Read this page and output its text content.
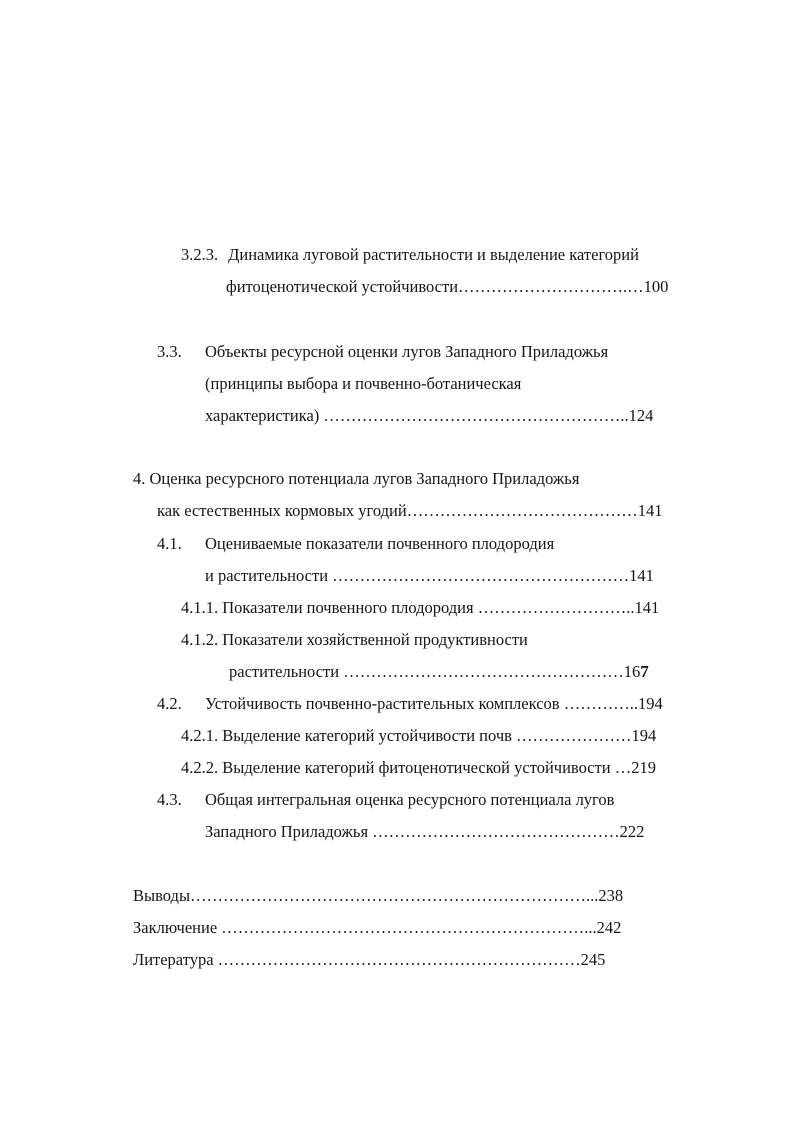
3.2.3. Динамика луговой растительности и выделение категорий
фитоценотической устойчивости………………………….…100
3.3. Объекты ресурсной оценки лугов Западного Приладожья
(принципы выбора и почвенно-ботаническая
характеристика) ………………………………………………..124
4. Оценка ресурсного потенциала лугов Западного Приладожья
как естественных кормовых угодий……………………………………141
4.1. Оцениваемые показатели почвенного плодородия
и растительности ………………………………………………141
4.1.1. Показатели почвенного плодородия ………………………..141
4.1.2. Показатели хозяйственной продуктивности
растительности ……………………………………………167
4.2. Устойчивость почвенно-растительных комплексов …………..194
4.2.1. Выделение категорий устойчивости почв …………………194
4.2.2. Выделение категорий фитоценотической устойчивости …219
4.3. Общая интегральная оценка ресурсного потенциала лугов
Западного Приладожья ………………………………………222
Выводы………………………………………………………………...238
Заключение …………………………………………………………...242
Литература …………………………………………………………245
